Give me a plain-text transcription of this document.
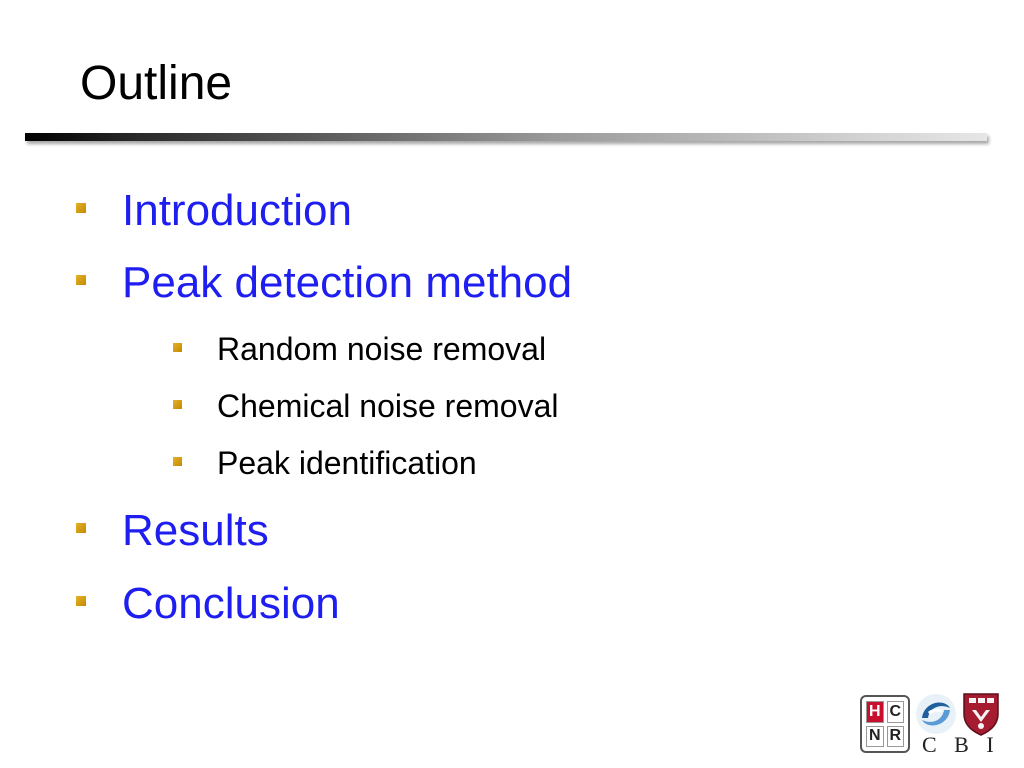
Outline
Introduction
Peak detection method
Random noise removal
Chemical noise removal
Peak identification
Results
Conclusion
H C
N R C B I
